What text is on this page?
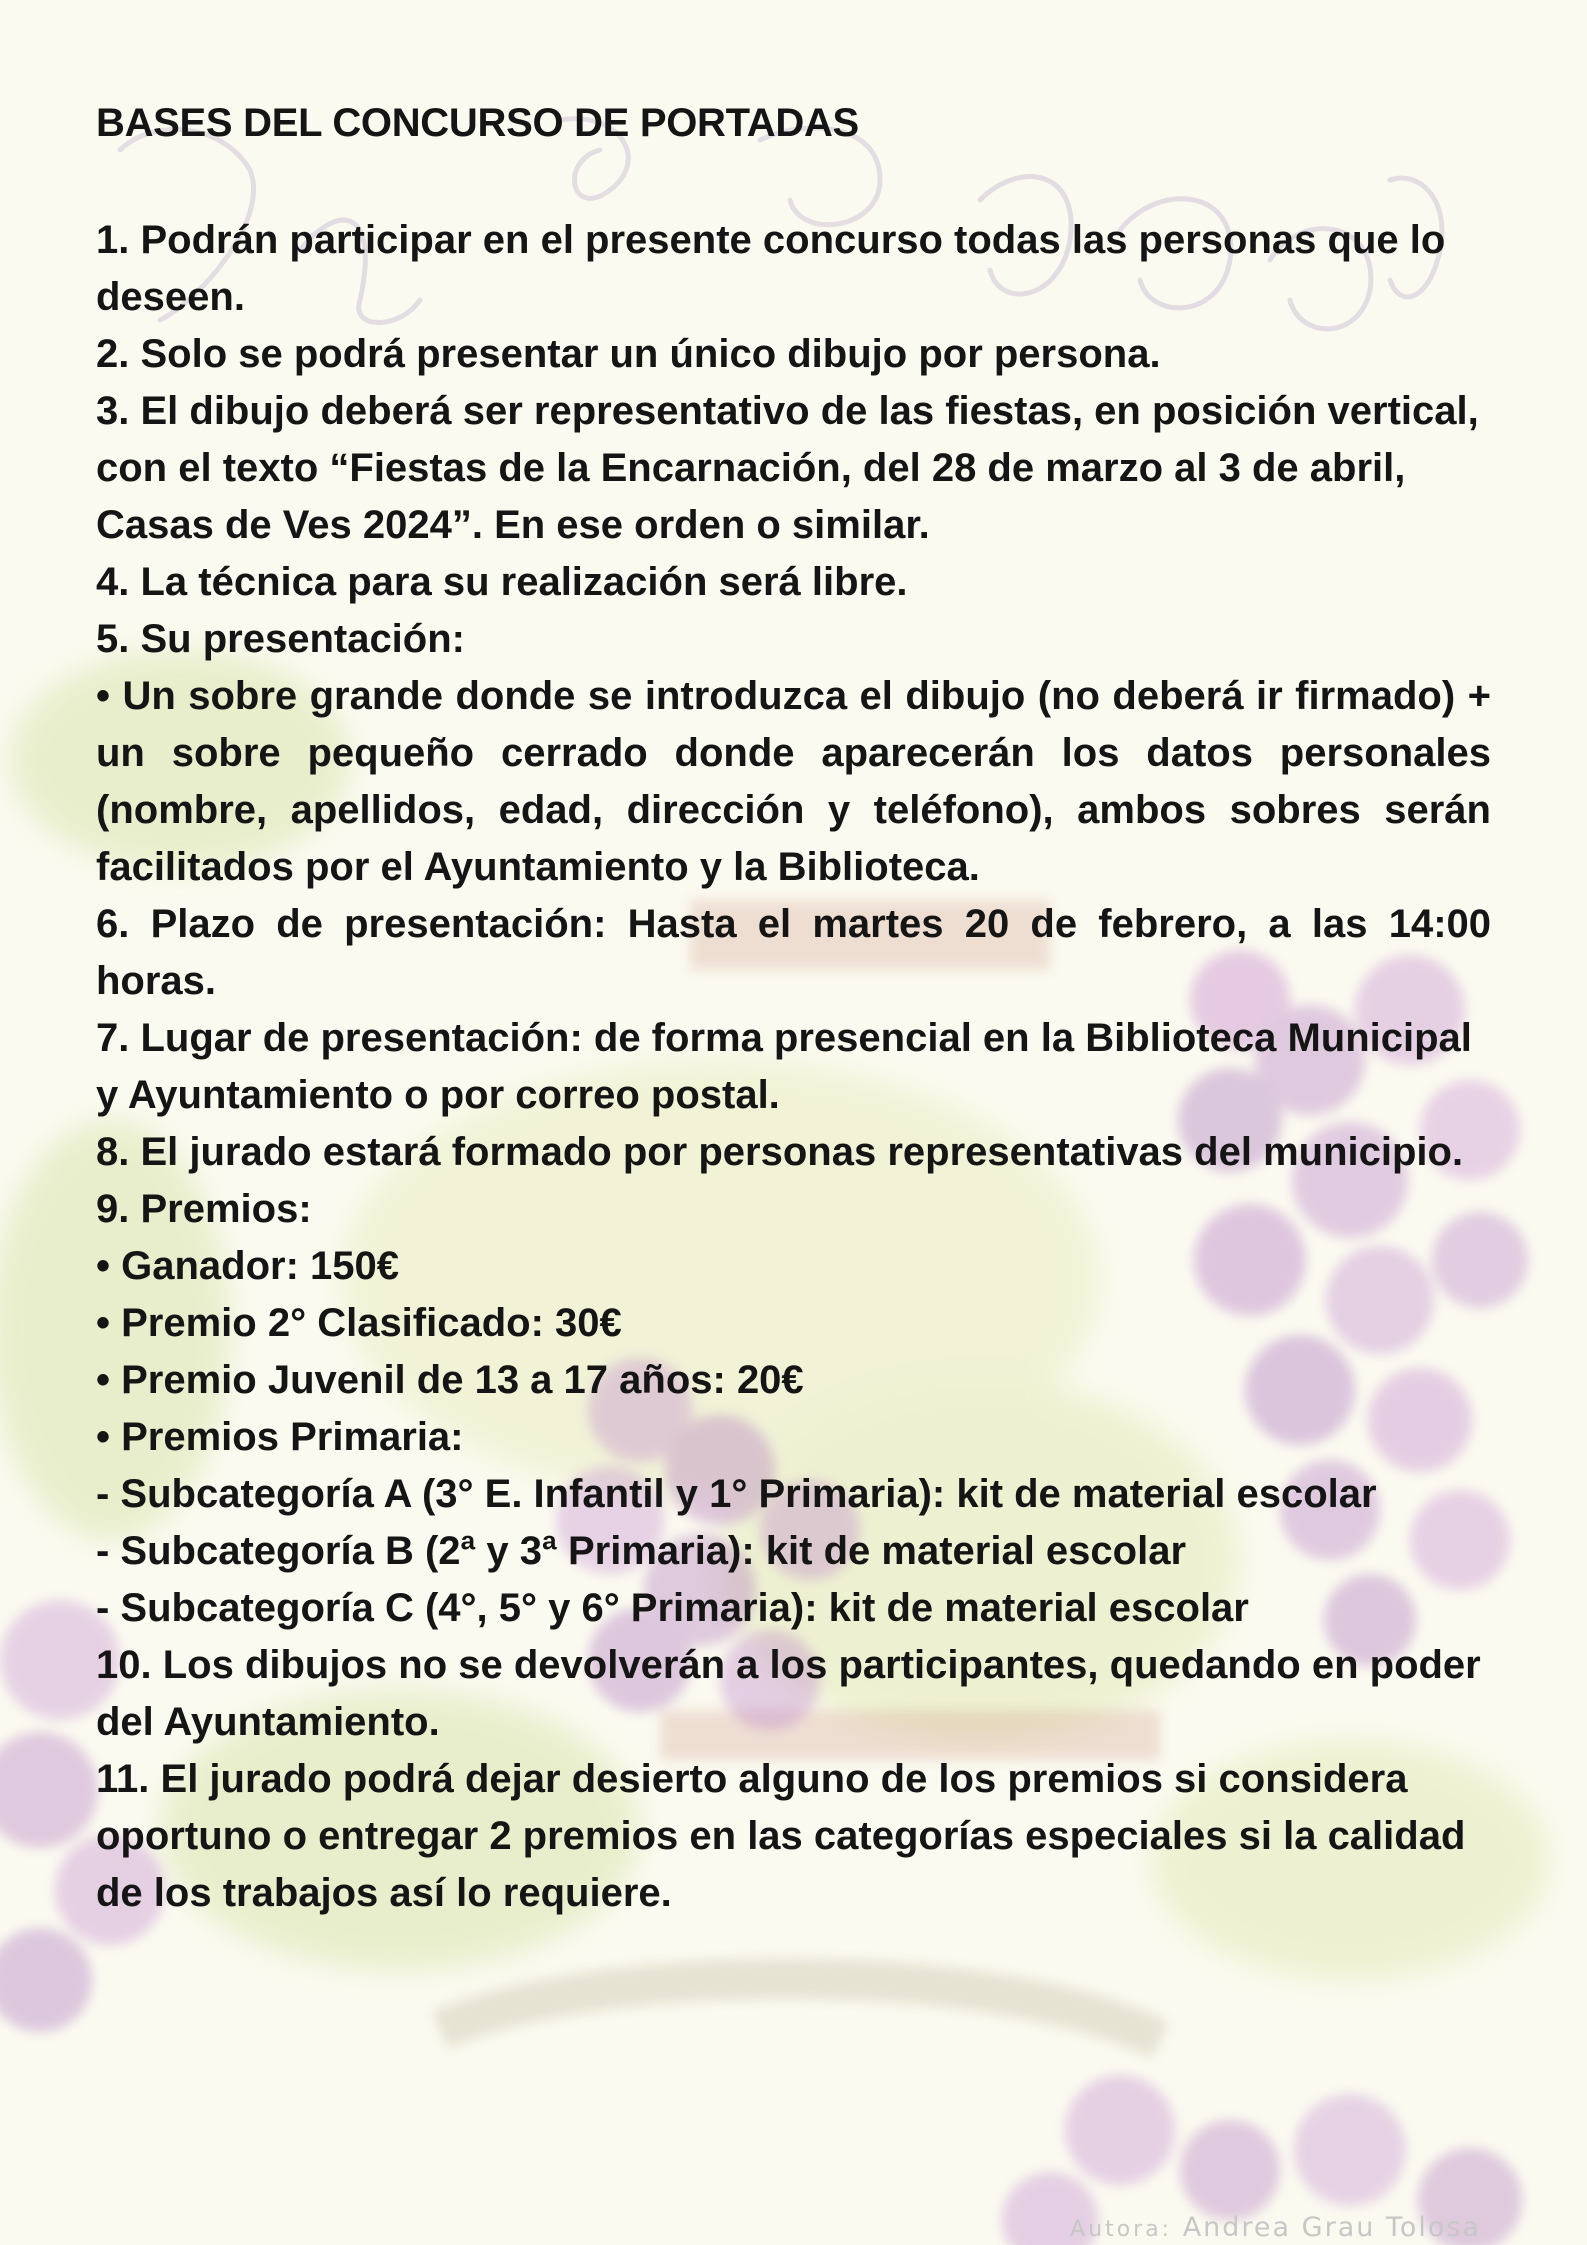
BASES DEL CONCURSO DE PORTADAS

1. Podrán participar en el presente concurso todas las personas que lo deseen.

2. Solo se podrá presentar un único dibujo por persona.

3. El dibujo deberá ser representativo de las fiestas, en posición vertical, con el texto “Fiestas de la Encarnación, del 28 de marzo al 3 de abril, Casas de Ves 2024”. En ese orden o similar.

4. La técnica para su realización será libre.

5. Su presentación:

• Un sobre grande donde se introduzca el dibujo (no deberá ir firmado) + un sobre pequeño cerrado donde aparecerán los datos personales (nombre, apellidos, edad, dirección y teléfono), ambos sobres serán facilitados por el Ayuntamiento y la Biblioteca.

6. Plazo de presentación: Hasta el martes 20 de febrero, a las 14:00 horas.

7. Lugar de presentación: de forma presencial en la Biblioteca Municipal y Ayuntamiento o por correo postal.

8. El jurado estará formado por personas representativas del municipio.

9. Premios:

• Ganador: 150€

• Premio 2° Clasificado: 30€

• Premio Juvenil de 13 a 17 años: 20€

• Premios Primaria:

- Subcategoría A (3° E. Infantil y 1° Primaria): kit de material escolar

- Subcategoría B (2ª y 3ª Primaria): kit de material escolar

- Subcategoría C (4°, 5° y 6° Primaria): kit de material escolar

10. Los dibujos no se devolverán a los participantes, quedando en poder del Ayuntamiento.

11. El jurado podrá dejar desierto alguno de los premios si considera oportuno o entregar 2 premios en las categorías especiales si la calidad de los trabajos así lo requiere.

Autora: Andrea Grau Tolosa
